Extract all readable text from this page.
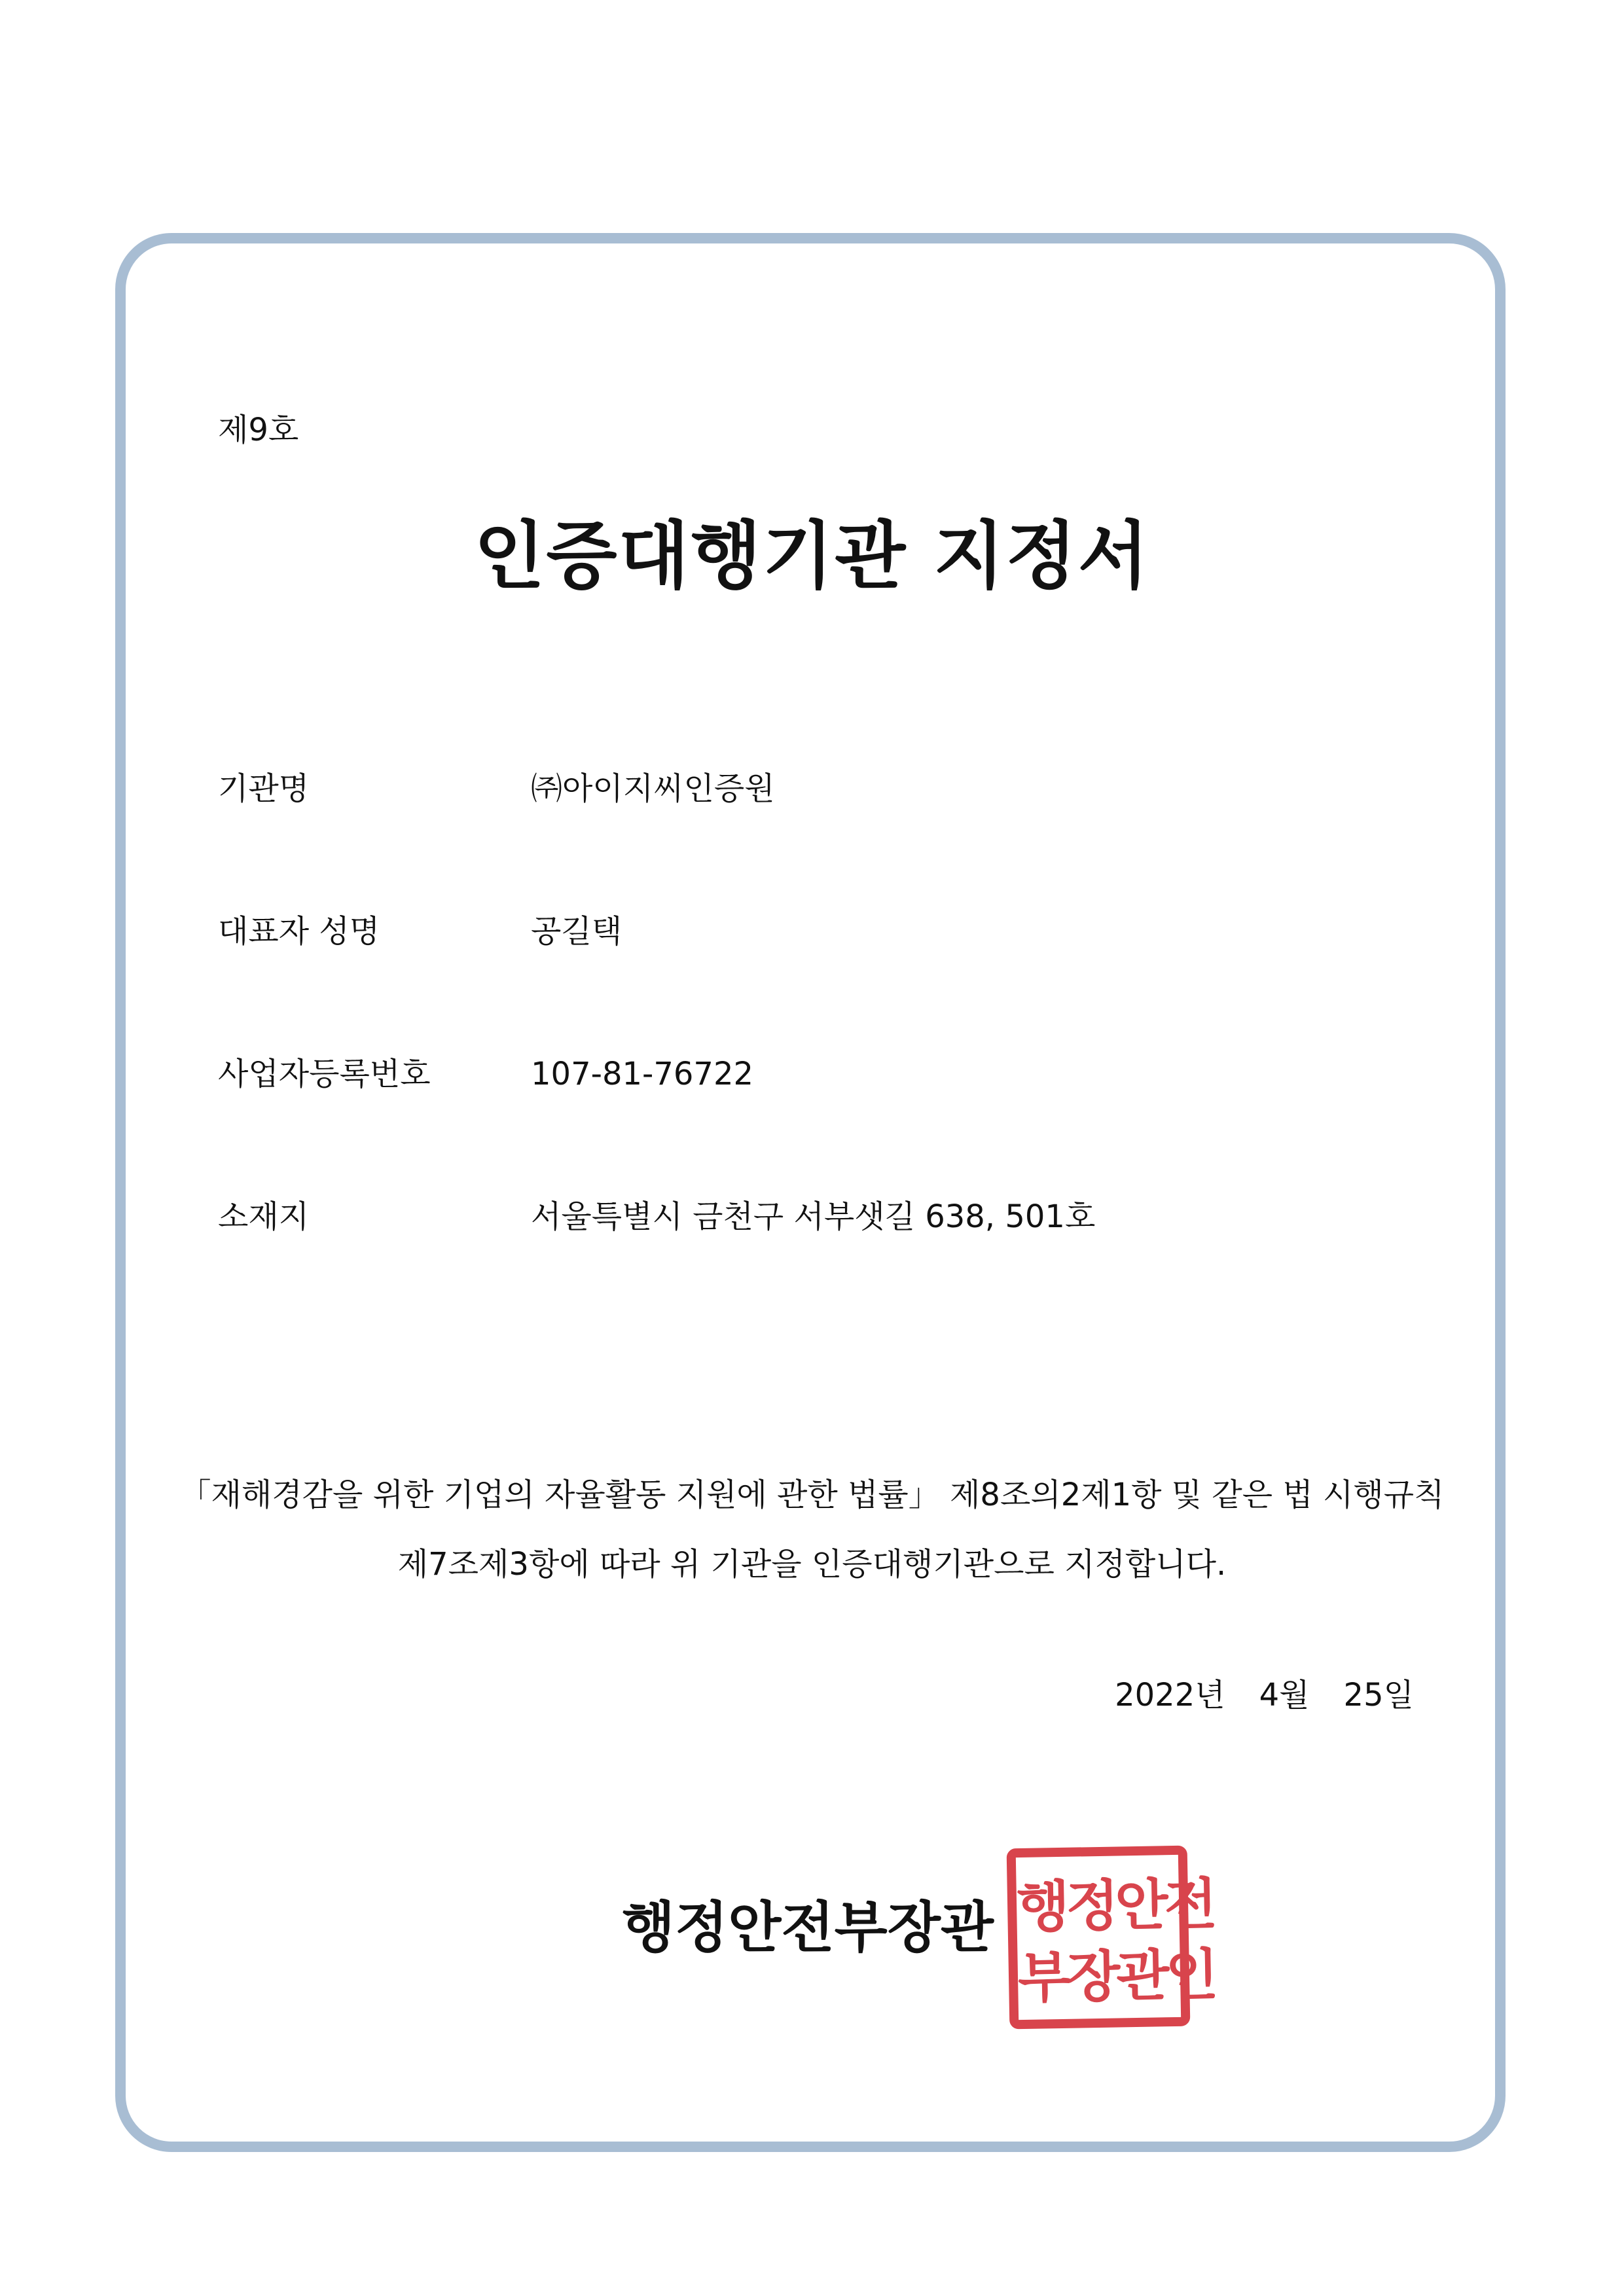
제9호
인증대행기관 지정서
기관명	㈜아이지씨인증원
대표자 성명	공길택
사업자등록번호	107-81-76722
소재지	서울특별시 금천구 서부샛길 638, 501호
「재해경감을 위한 기업의 자율활동 지원에 관한 법률」 제8조의2제1항 및 같은 법 시행규칙
제7조제3항에 따라 위 기관을 인증대행기관으로 지정합니다.
2022년 4월 25일
행정안전부장관 행정안전
부장관인
